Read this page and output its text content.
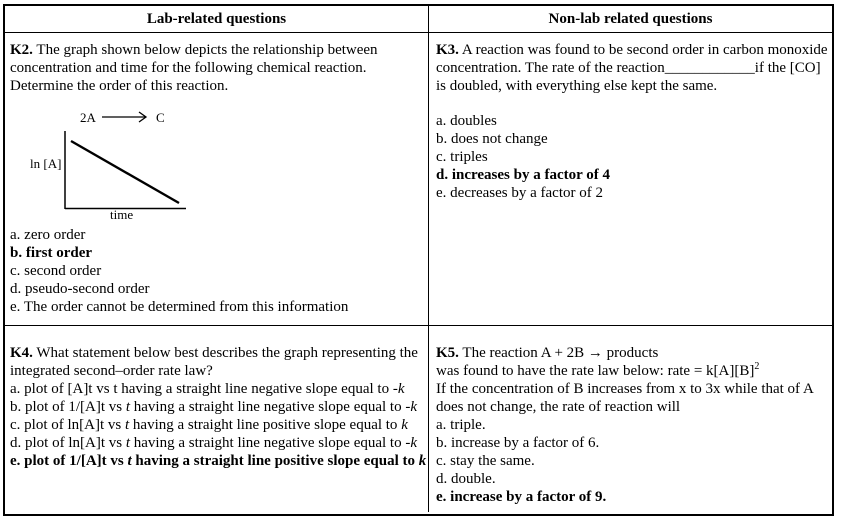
Lab-related questions	Non-lab related questions

K2. The graph shown below depicts the relationship between concentration and time for the following chemical reaction. Determine the order of this reaction.

2A	C
ln [A]
time
a. zero order
b. first order
c. second order
d. pseudo-second order
e. The order cannot be determined from this information

K3. A reaction was found to be second order in carbon monoxide concentration. The rate of the reaction____________if the [CO] is doubled, with everything else kept the same.

a. doubles
b. does not change
c. triples
d. increases by a factor of 4
e. decreases by a factor of 2

K4. What statement below best describes the graph representing the integrated second–order rate law?

a. plot of [A]t vs t having a straight line negative slope equal to -k
b. plot of 1/[A]t vs t having a straight line negative slope equal to -k
c. plot of ln[A]t vs t having a straight line positive slope equal to k
d. plot of ln[A]t vs t having a straight line negative slope equal to -k
e. plot of 1/[A]t vs t having a straight line positive slope equal to k
K5. The reaction A + 2B → products
was found to have the rate law below: rate = $k[A][B]^2$

If the concentration of B increases from x to 3x while that of A does not change, the rate of reaction will

a. triple.
b. increase by a factor of 6.
c. stay the same.
d. double.
e. increase by a factor of 9.
